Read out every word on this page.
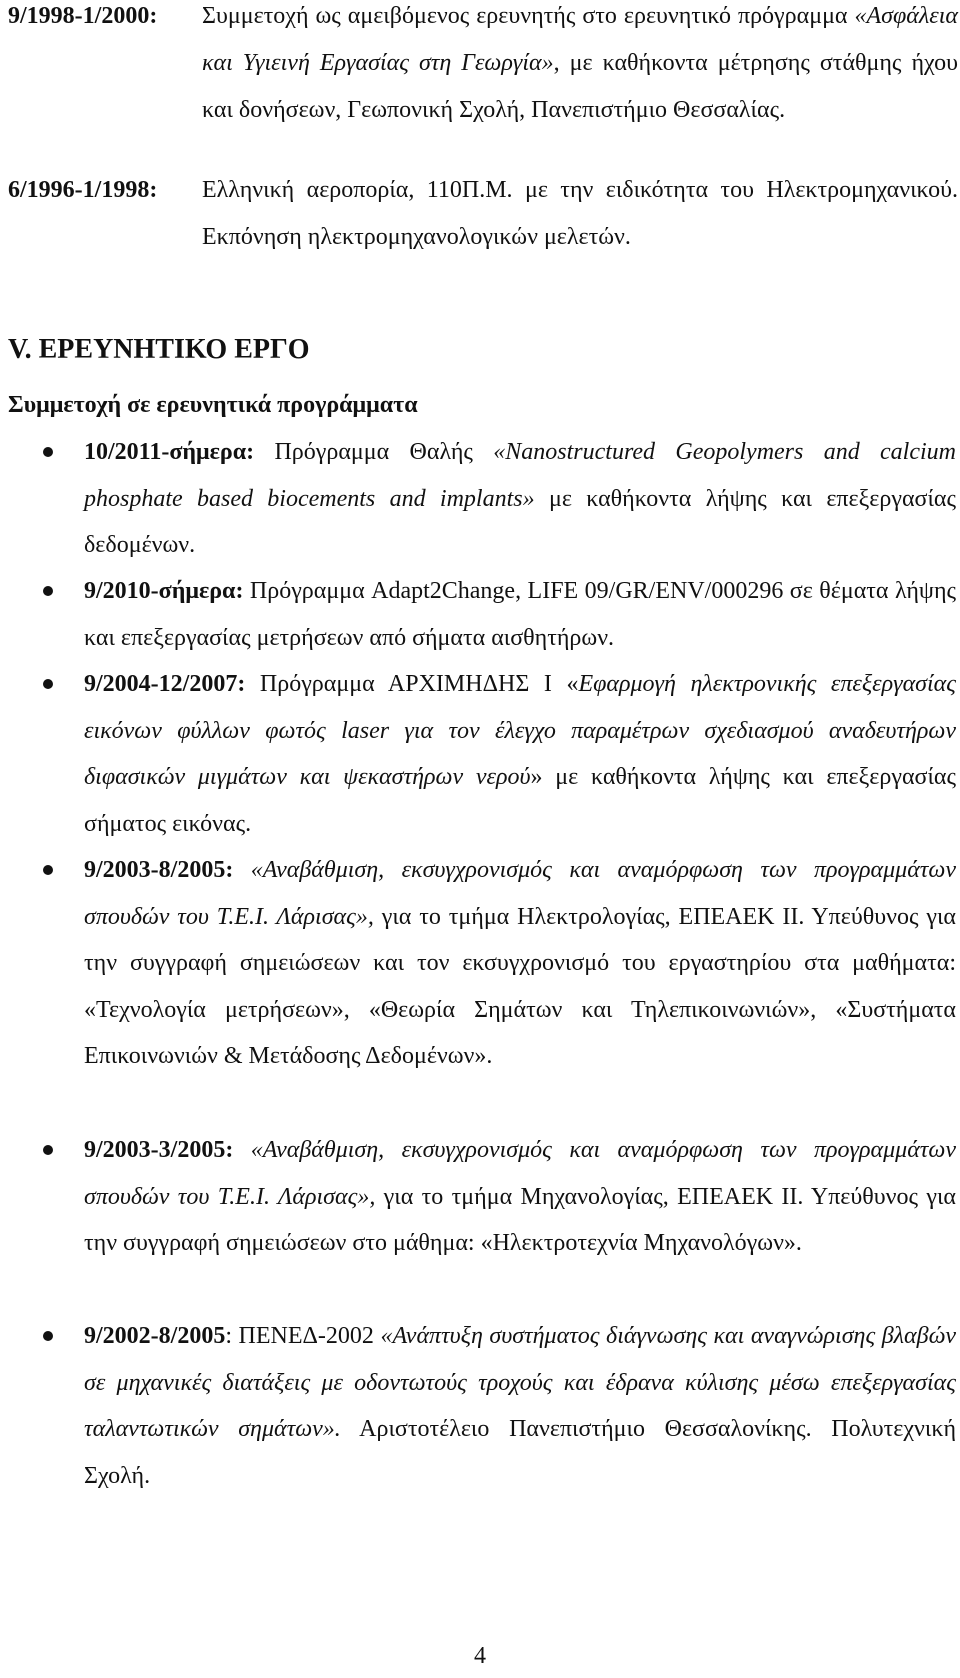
9/1998-1/2000: Συμμετοχή ως αμειβόμενος ερευνητής στο ερευνητικό πρόγραμμα «Ασφάλεια και Υγιεινή Εργασίας στη Γεωργία», με καθήκοντα μέτρησης στάθμης ήχου και δονήσεων, Γεωπονική Σχολή, Πανεπιστήμιο Θεσσαλίας.
6/1996-1/1998: Ελληνική αεροπορία, 110Π.Μ. με την ειδικότητα του Ηλεκτρομηχανικού. Εκπόνηση ηλεκτρομηχανολογικών μελετών.
V. ΕΡΕΥΝΗΤΙΚΟ ΕΡΓΟ
Συμμετοχή σε ερευνητικά προγράμματα
10/2011-σήμερα: Πρόγραμμα Θαλής «Nanostructured Geopolymers and calcium phosphate based biocements and implants» με καθήκοντα λήψης και επεξεργασίας δεδομένων.
9/2010-σήμερα: Πρόγραμμα Adapt2Change, LIFE 09/GR/ENV/000296 σε θέματα λήψης και επεξεργασίας μετρήσεων από σήματα αισθητήρων.
9/2004-12/2007: Πρόγραμμα ΑΡΧΙΜΗΔΗΣ Ι «Εφαρμογή ηλεκτρονικής επεξεργασίας εικόνων φύλλων φωτός laser για τον έλεγχο παραμέτρων σχεδιασμού αναδευτήρων διφασικών μιγμάτων και ψεκαστήρων νερού» με καθήκοντα λήψης και επεξεργασίας σήματος εικόνας.
9/2003-8/2005: «Αναβάθμιση, εκσυγχρονισμός και αναμόρφωση των προγραμμάτων σπουδών του Τ.Ε.Ι. Λάρισας», για το τμήμα Ηλεκτρολογίας, ΕΠΕΑΕΚ ΙΙ. Υπεύθυνος για την συγγραφή σημειώσεων και τον εκσυγχρονισμό του εργαστηρίου στα μαθήματα: «Τεχνολογία μετρήσεων», «Θεωρία Σημάτων και Τηλεπικοινωνιών», «Συστήματα Επικοινωνιών & Μετάδοσης Δεδομένων».
9/2003-3/2005: «Αναβάθμιση, εκσυγχρονισμός και αναμόρφωση των προγραμμάτων σπουδών του Τ.Ε.Ι. Λάρισας», για το τμήμα Μηχανολογίας, ΕΠΕΑΕΚ ΙΙ. Υπεύθυνος για την συγγραφή σημειώσεων στο μάθημα: «Ηλεκτροτεχνία Μηχανολόγων».
9/2002-8/2005: ΠΕΝΕΔ-2002 «Ανάπτυξη συστήματος διάγνωσης και αναγνώρισης βλαβών σε μηχανικές διατάξεις με οδοντωτούς τροχούς και έδρανα κύλισης μέσω επεξεργασίας ταλαντωτικών σημάτων». Αριστοτέλειο Πανεπιστήμιο Θεσσαλονίκης. Πολυτεχνική Σχολή.
4
